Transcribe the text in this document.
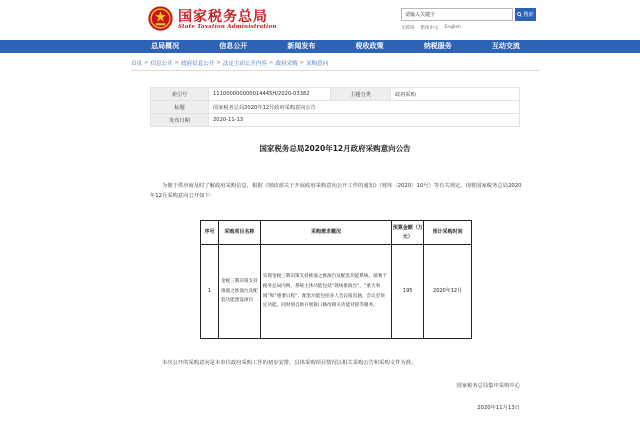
国家税务总局
State Taxation Administration
请输入关键字
搜索
无障碍 繁体中文 English
总局概况	信息公开	新闻发布	税收政策	纳税服务	互动交流
首页 > 信息公开 > 政府信息公开 > 法定主动公开内容 > 政府采购 > 采购意向
索引号	111000000000014445H/2020-03382	主题分类	政府采购
标题	国家税务总局2020年12月政府采购意向公告		
发布日期	2020-11-13		
国家税务总局2020年12月政府采购意向公告

为便于供应商及时了解政府采购信息，根据《财政部关于开展政府采购意向公开工作的通知》（财库〔2020〕10号）等有关规定，现将国家税务总局2020年12月采购意向公开如下：

序号	采购项目名称	采购需求概况	预算金额（万元）	预计采购时间
1	金税三期决策支持推演之推演台及配套功能建设项目	实现金税三期决策支持推演之推演台及配套功能系统，部署于税务总局内网，系统主体功能包括“现场推演台”、“重大事项”和“重要日程”，配套功能包括多人会议报沟通、会议室预定功能。同时须自助开展接口修改相关功能对接等服务。	195	2020年12月

本次公开的采购意向是本单位政府采购工作的初步安排，具体采购项目情况以相关采购公告和采购文件为准。

国家税务总局集中采购中心
2020年11月13日
